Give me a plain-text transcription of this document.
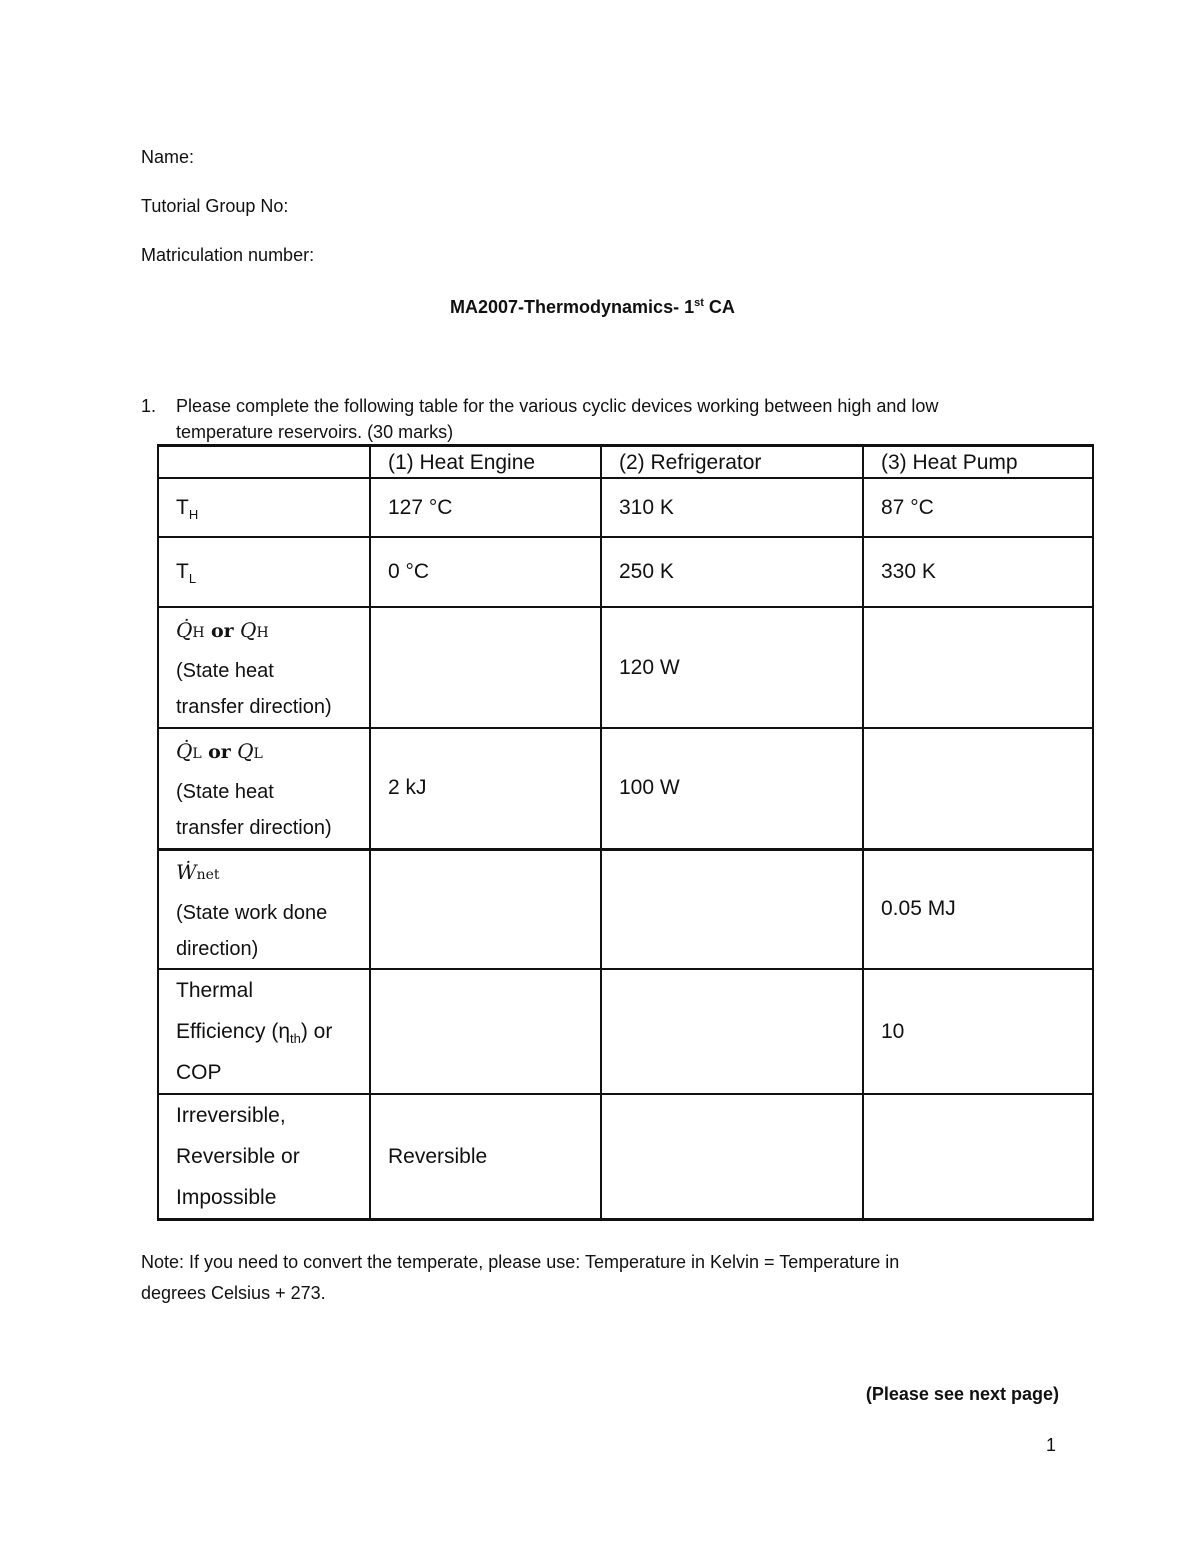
Name:
Tutorial Group No:
Matriculation number:
MA2007-Thermodynamics- 1st CA
1. Please complete the following table for the various cyclic devices working between high and low
temperature reservoirs. (30 marks)
	(1) Heat Engine	(2) Refrigerator	(3) Heat Pump
$T_H$	127 °C	310 K	87 °C
$T_L$	0 °C	250 K	330 K

Q̇H or QH
(State heat
transfer direction)		120 W	

Q̇L or QL
(State heat
transfer direction)	2 kJ	100 W	

Ẇnet
(State work done
direction)			0.05 MJ

Thermal
Efficiency $(\eta_{th})$ or
COP			10

Irreversible,
Reversible or
Impossible	Reversible		
Note: If you need to convert the temperate, please use: Temperature in Kelvin = Temperature in
degrees Celsius + 273.
(Please see next page)
1
